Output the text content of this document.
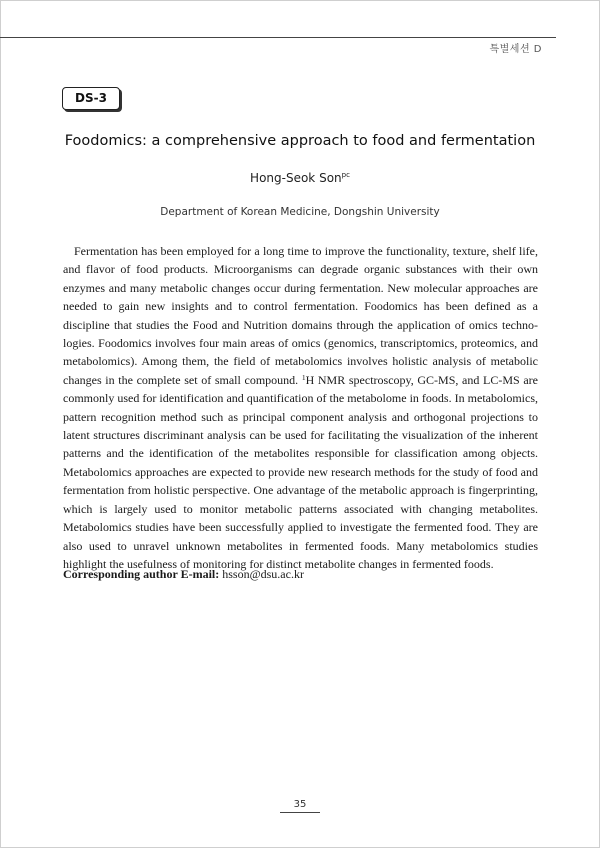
특별세션 D
DS-3
Foodomics: a comprehensive approach to food and fermentation
Hong-Seok Son$^{pc}$
Department of Korean Medicine, Dongshin University

Fermentation has been employed for a long time to improve the functionality, texture, shelf life, and flavor of food products. Microorganisms can degrade organic substances with their own enzymes and many metabolic changes occur during fermentation. New molecular approaches are needed to gain new insights and to control fermentation. Foodomics has been defined as a discipline that studies the Food and Nutrition domains through the application of omics technologies. Foodomics involves four main areas of omics (genomics, transcriptomics, proteomics, and metabolomics). Among them, the field of metabolomics involves holistic analysis of metabolic changes in the complete set of small compound. $^1$H NMR spectroscopy, GC-MS, and LC-MS are commonly used for identification and quantification of the metabolome in foods. In metabolomics, pattern recognition method such as principal component analysis and orthogonal projections to latent structures discriminant analysis can be used for facilitating the visualization of the inherent patterns and the identification of the metabolites responsible for classification among objects. Metabolomics approaches are expected to provide new research methods for the study of food and fermentation from holistic perspective. One advantage of the metabolic approach is fingerprinting, which is largely used to monitor metabolic patterns associated with changing metabolites. Metabolomics studies have been successfully applied to investigate the fermented food. They are also used to unravel unknown metabolites in fermented foods. Many metabolomics studies highlight the usefulness of monitoring for distinct metabolite changes in fermented foods.

Corresponding author E-mail: hsson@dsu.ac.kr
35
